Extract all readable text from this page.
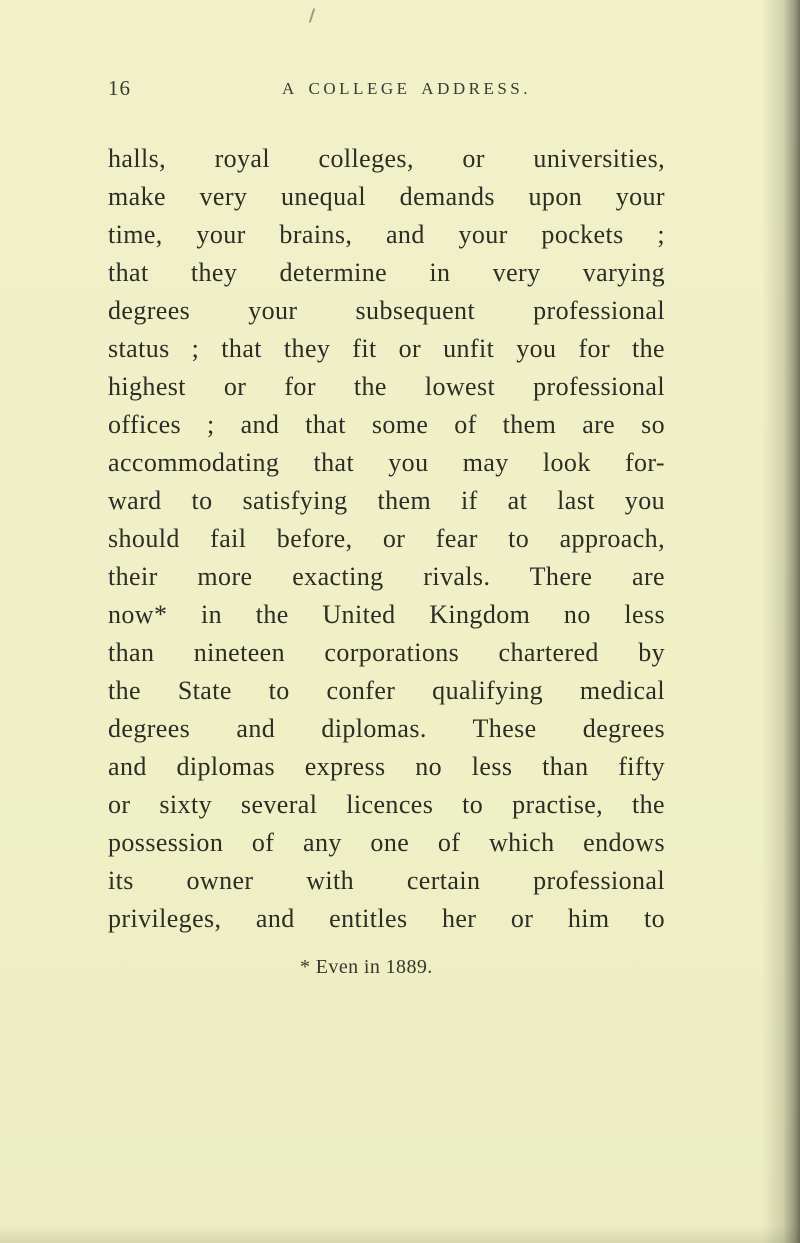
16	A COLLEGE ADDRESS.
halls, royal colleges, or universities,
make very unequal demands upon your
time, your brains, and your pockets ;
that they determine in very varying
degrees your subsequent professional
status ; that they fit or unfit you for the
highest or for the lowest professional
offices ; and that some of them are so
accommodating that you may look for-
ward to satisfying them if at last you
should fail before, or fear to approach,
their more exacting rivals. There are
now* in the United Kingdom no less
than nineteen corporations chartered by
the State to confer qualifying medical
degrees and diplomas. These degrees
and diplomas express no less than fifty
or sixty several licences to practise, the
possession of any one of which endows
its owner with certain professional
privileges, and entitles her or him to
* Even in 1889.
